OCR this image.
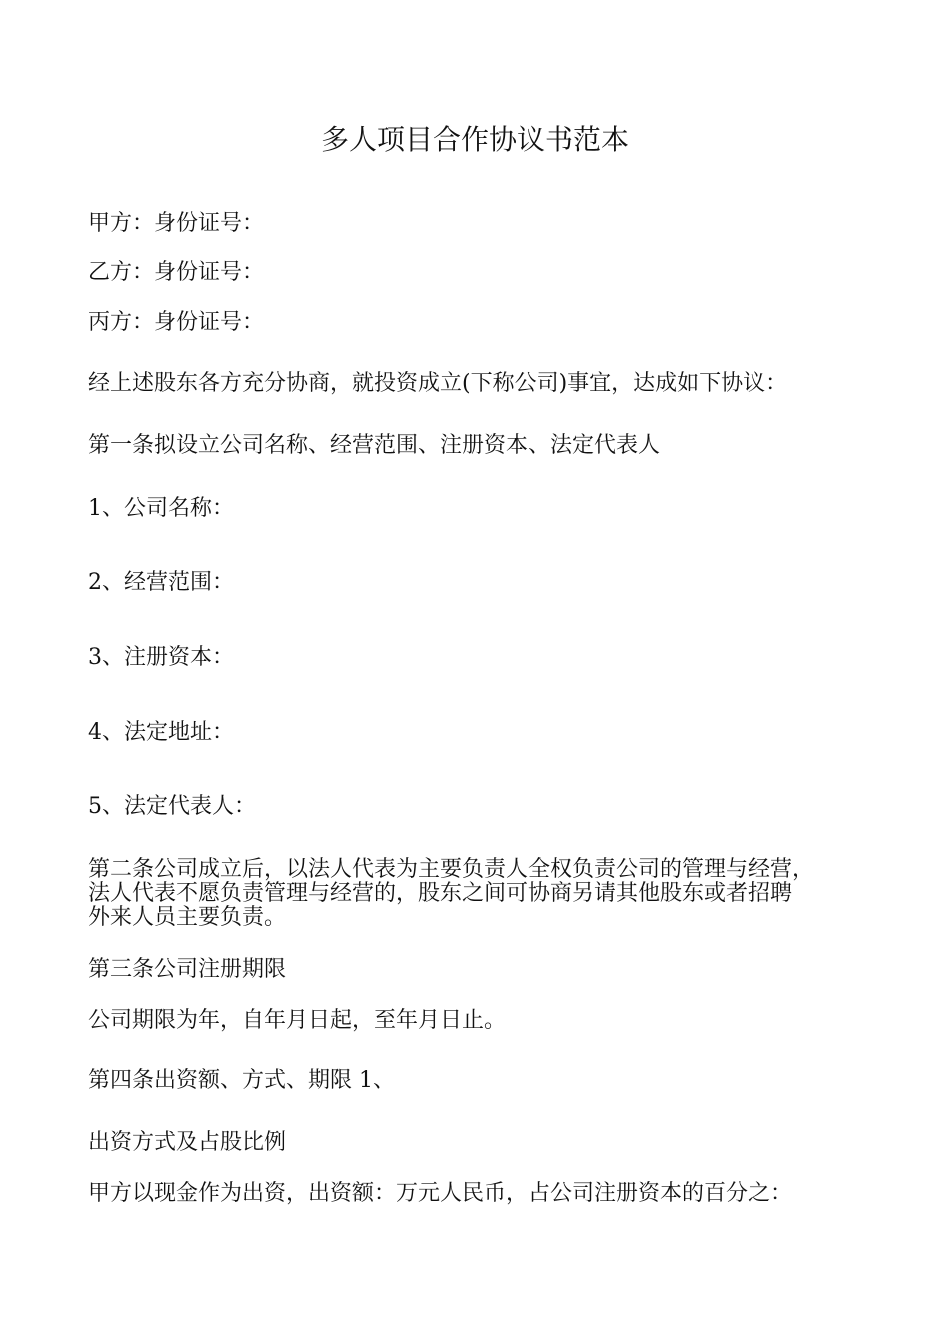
多人项目合作协议书范本
甲方：身份证号：
乙方：身份证号：
丙方：身份证号：
经上述股东各方充分协商，就投资成立(下称公司)事宜，达成如下协议：
第一条拟设立公司名称、经营范围、注册资本、法定代表人
1、公司名称：
2、经营范围：
3、注册资本：
4、法定地址：
5、法定代表人：
第二条公司成立后，以法人代表为主要负责人全权负责公司的管理与经营，
法人代表不愿负责管理与经营的，股东之间可协商另请其他股东或者招聘
外来人员主要负责。
第三条公司注册期限
公司期限为年，自年月日起，至年月日止。
第四条出资额、方式、期限 1、
出资方式及占股比例
甲方以现金作为出资，出资额：万元人民币，占公司注册资本的百分之：
